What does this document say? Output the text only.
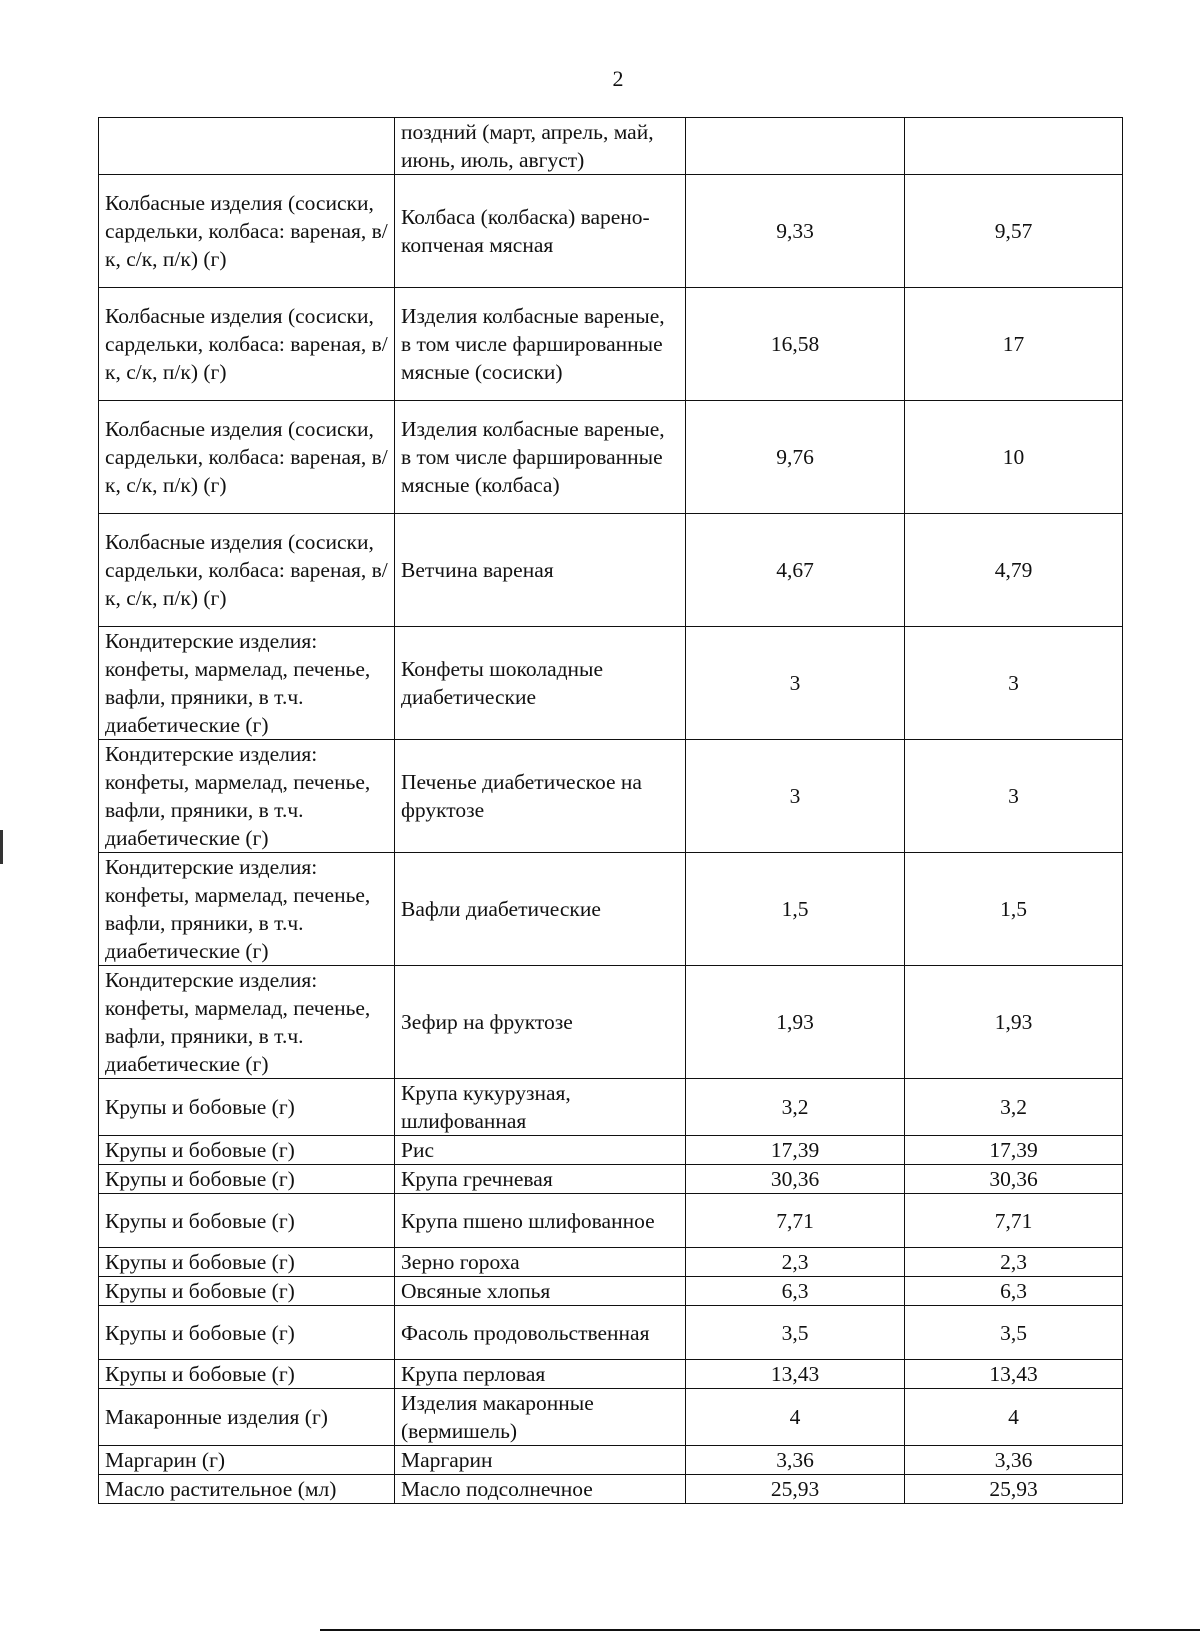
2
	поздний (март, апрель, май, июнь, июль, август)		
Колбасные изделия (сосиски, сардельки, колбаса: вареная, в/к, с/к, п/к) (г)	Колбаса (колбаска) варено-копченая мясная	9,33	9,57
Колбасные изделия (сосиски, сардельки, колбаса: вареная, в/к, с/к, п/к) (г)	Изделия колбасные вареные, в том числе фаршированные мясные (сосиски)	16,58	17
Колбасные изделия (сосиски, сардельки, колбаса: вареная, в/к, с/к, п/к) (г)	Изделия колбасные вареные, в том числе фаршированные мясные (колбаса)	9,76	10
Колбасные изделия (сосиски, сардельки, колбаса: вареная, в/к, с/к, п/к) (г)	Ветчина вареная	4,67	4,79
Кондитерские изделия: конфеты, мармелад, печенье, вафли, пряники, в т.ч. диабетические (г)	Конфеты шоколадные диабетические	3	3
Кондитерские изделия: конфеты, мармелад, печенье, вафли, пряники, в т.ч. диабетические (г)	Печенье диабетическое на фруктозе	3	3
Кондитерские изделия: конфеты, мармелад, печенье, вафли, пряники, в т.ч. диабетические (г)	Вафли диабетические	1,5	1,5
Кондитерские изделия: конфеты, мармелад, печенье, вафли, пряники, в т.ч. диабетические (г)	Зефир на фруктозе	1,93	1,93
Крупы и бобовые (г)	Крупа кукурузная, шлифованная	3,2	3,2
Крупы и бобовые (г)	Рис	17,39	17,39
Крупы и бобовые (г)	Крупа гречневая	30,36	30,36
Крупы и бобовые (г)	Крупа пшено шлифованное	7,71	7,71
Крупы и бобовые (г)	Зерно гороха	2,3	2,3
Крупы и бобовые (г)	Овсяные хлопья	6,3	6,3
Крупы и бобовые (г)	Фасоль продовольственная	3,5	3,5
Крупы и бобовые (г)	Крупа перловая	13,43	13,43
Макаронные изделия (г)	Изделия макаронные (вермишель)	4	4
Маргарин (г)	Маргарин	3,36	3,36
Масло растительное (мл)	Масло подсолнечное	25,93	25,93
